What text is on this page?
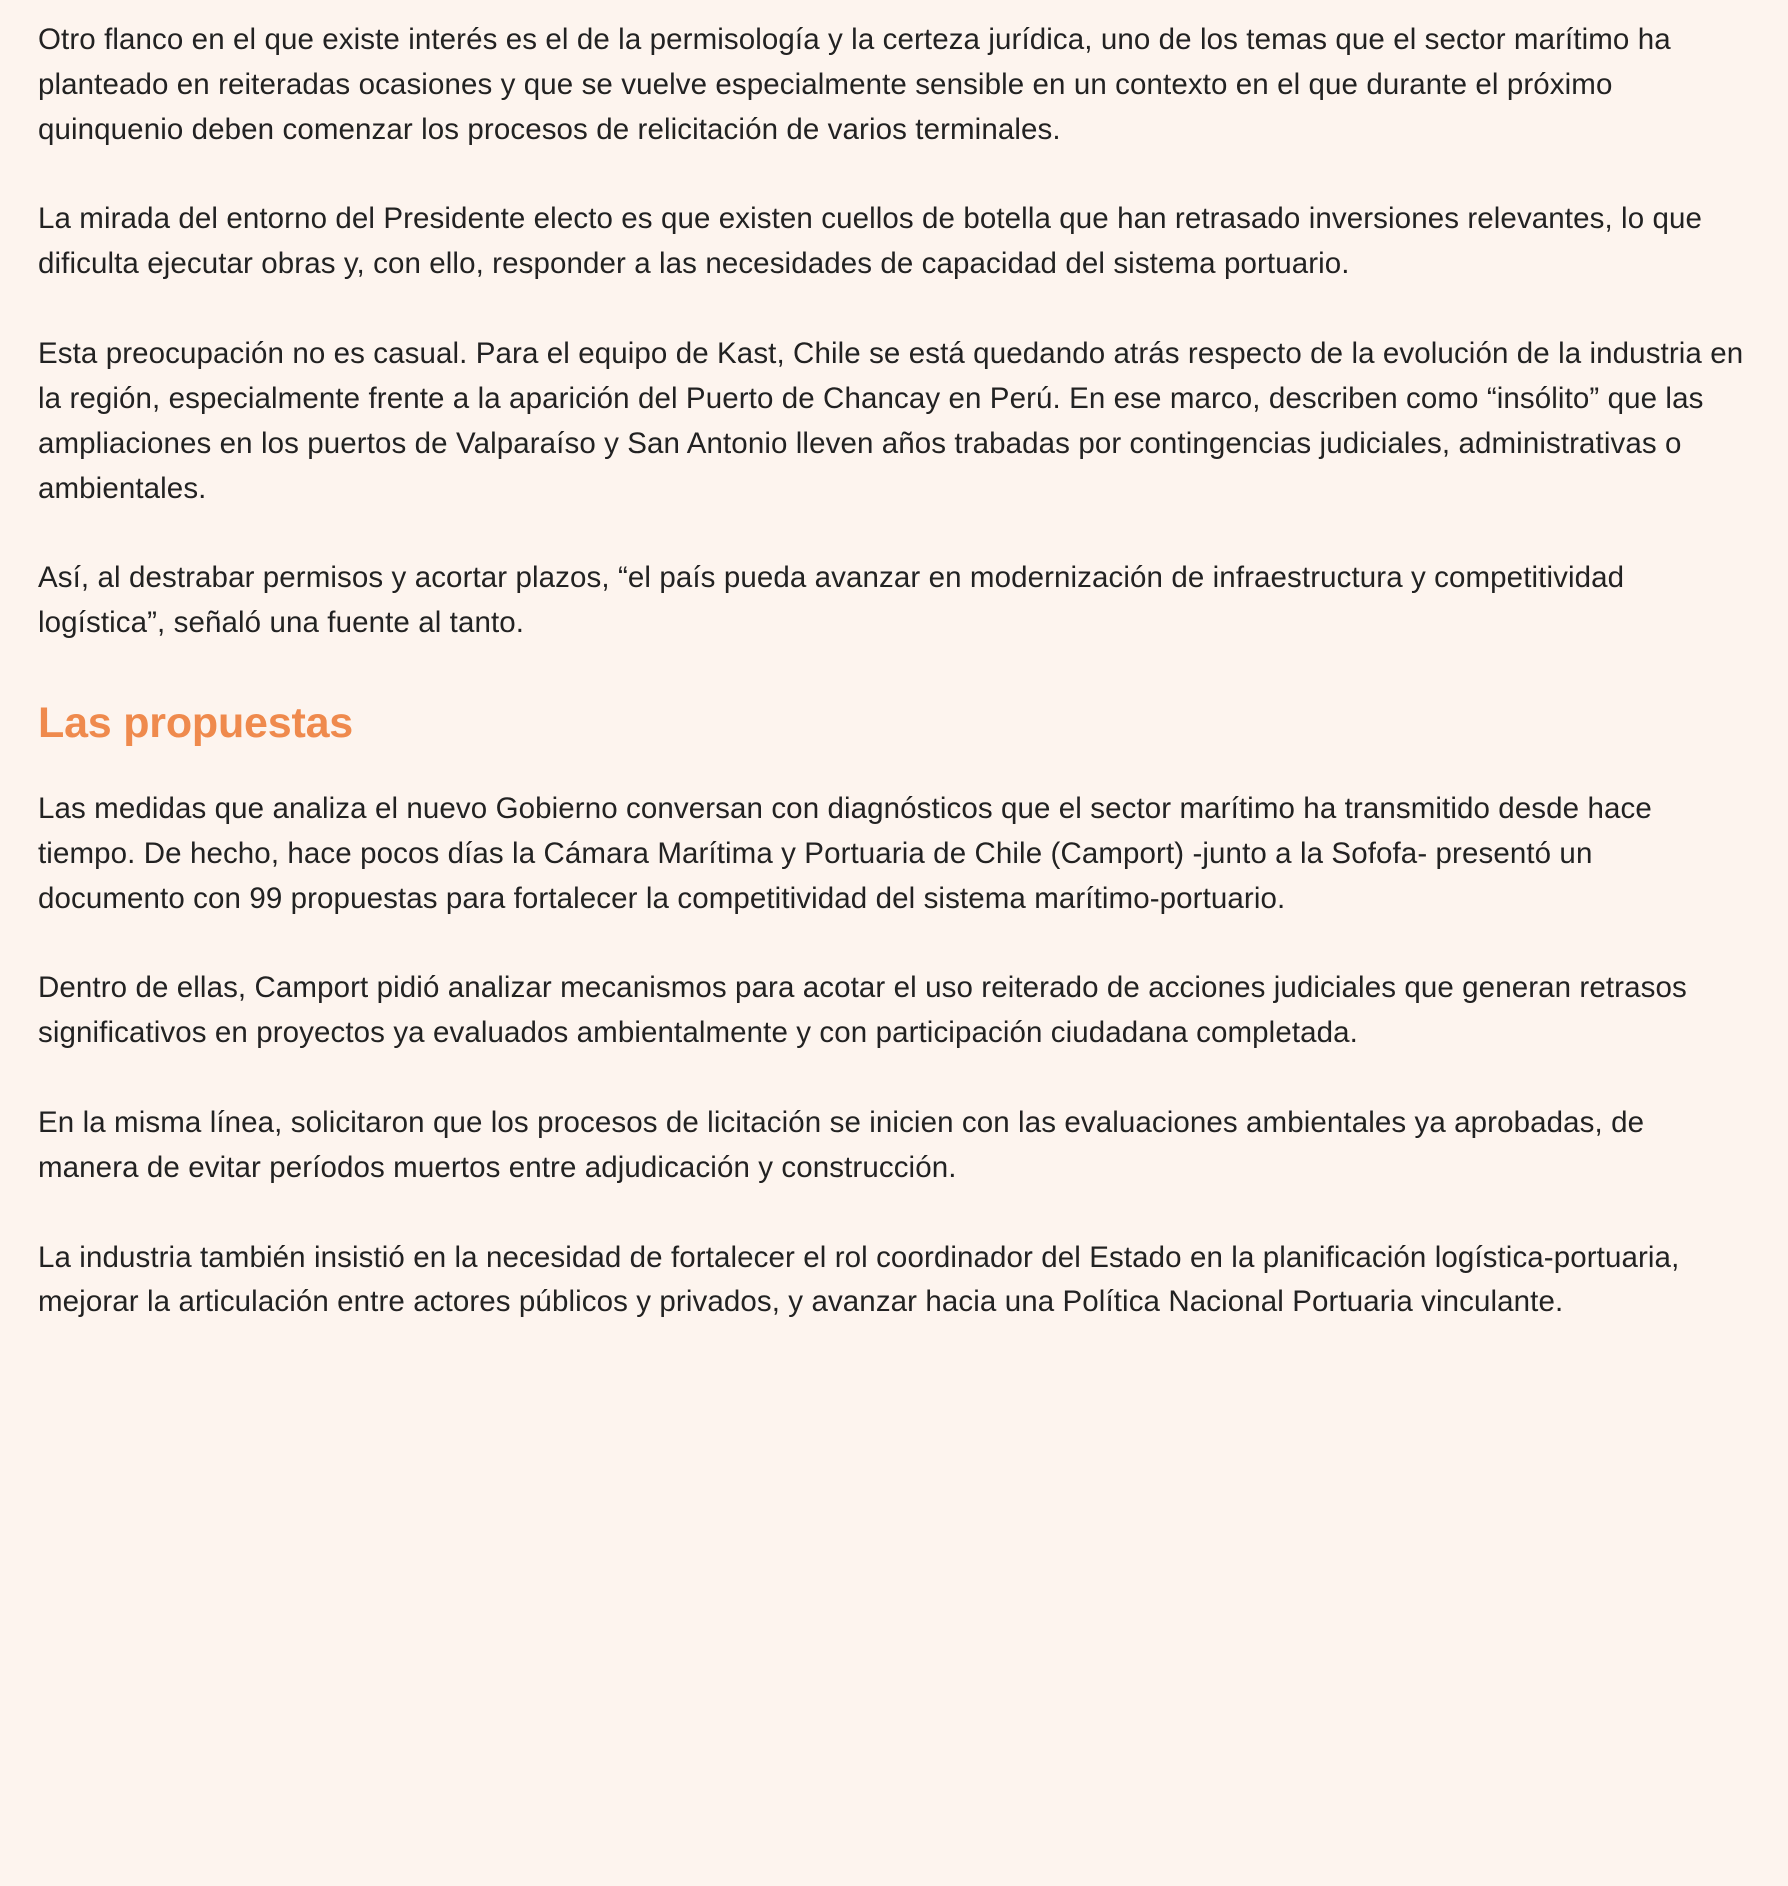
Otro flanco en el que existe interés es el de la permisología y la certeza jurídica, uno de los temas que el sector marítimo ha planteado en reiteradas ocasiones y que se vuelve especialmente sensible en un contexto en el que durante el próximo quinquenio deben comenzar los procesos de relicitación de varios terminales.

La mirada del entorno del Presidente electo es que existen cuellos de botella que han retrasado inversiones relevantes, lo que dificulta ejecutar obras y, con ello, responder a las necesidades de capacidad del sistema portuario.

Esta preocupación no es casual. Para el equipo de Kast, Chile se está quedando atrás respecto de la evolución de la industria en la región, especialmente frente a la aparición del Puerto de Chancay en Perú. En ese marco, describen como “insólito” que las ampliaciones en los puertos de Valparaíso y San Antonio lleven años trabadas por contingencias judiciales, administrativas o ambientales.

Así, al destrabar permisos y acortar plazos, “el país pueda avanzar en modernización de infraestructura y competitividad logística”, señaló una fuente al tanto.

Las propuestas

Las medidas que analiza el nuevo Gobierno conversan con diagnósticos que el sector marítimo ha transmitido desde hace tiempo. De hecho, hace pocos días la Cámara Marítima y Portuaria de Chile (Camport) -junto a la Sofofa- presentó un documento con 99 propuestas para fortalecer la competitividad del sistema marítimo-portuario.

Dentro de ellas, Camport pidió analizar mecanismos para acotar el uso reiterado de acciones judiciales que generan retrasos significativos en proyectos ya evaluados ambientalmente y con participación ciudadana completada.

En la misma línea, solicitaron que los procesos de licitación se inicien con las evaluaciones ambientales ya aprobadas, de manera de evitar períodos muertos entre adjudicación y construcción.

La industria también insistió en la necesidad de fortalecer el rol coordinador del Estado en la planificación logística-portuaria, mejorar la articulación entre actores públicos y privados, y avanzar hacia una Política Nacional Portuaria vinculante.
